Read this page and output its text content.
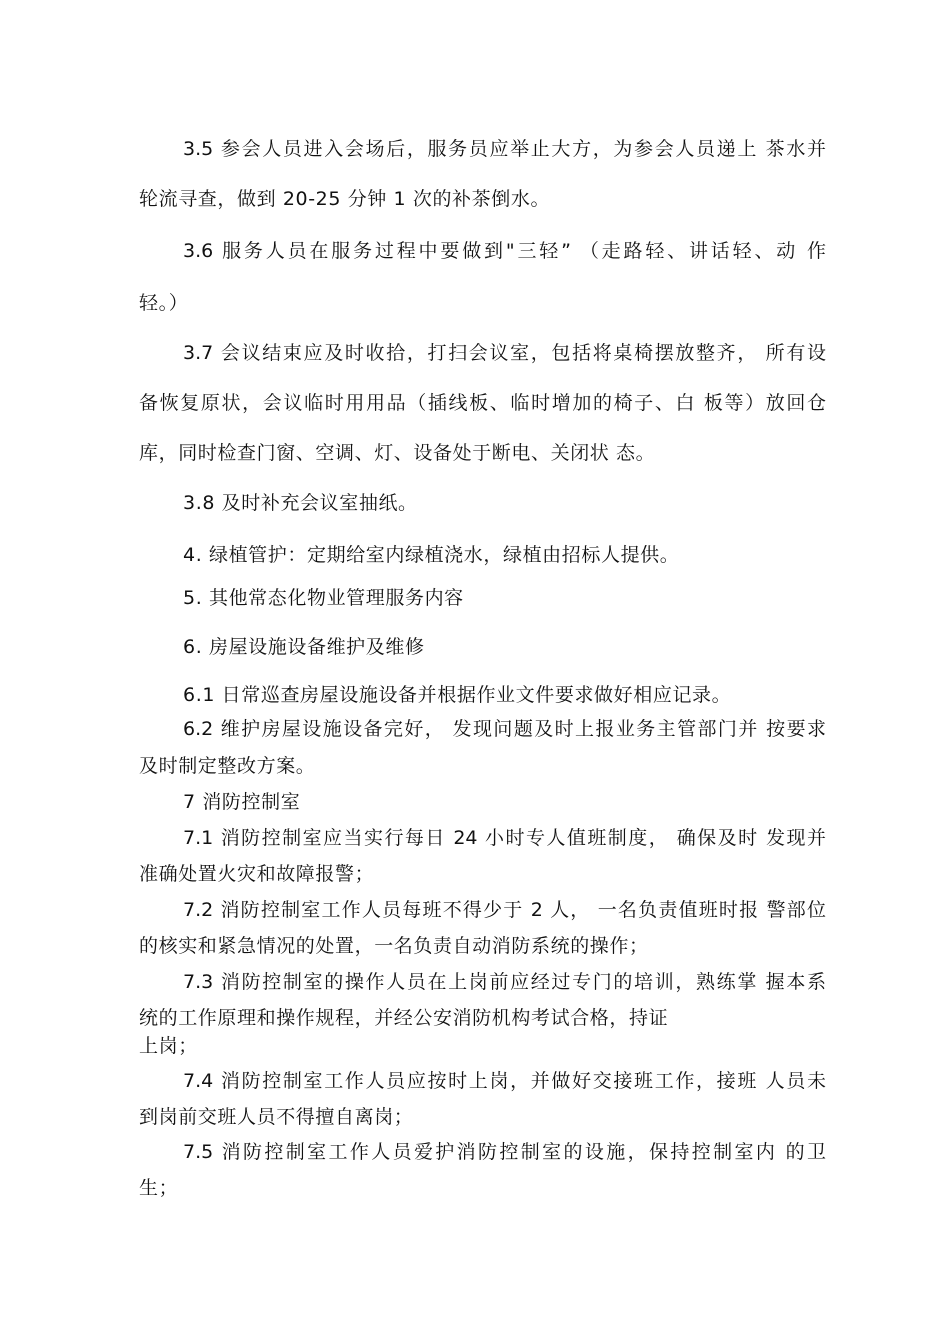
3.5 参会人员进入会场后，服务员应举止大方，为参会人员递上 茶水并
轮流寻查，做到 20-25 分钟 1 次的补茶倒水。
3.6 服务人员在服务过程中要做到"三轻” （走路轻、讲话轻、动 作
轻。）
3.7 会议结束应及时收拾，打扫会议室，包括将桌椅摆放整齐， 所有设
备恢复原状，会议临时用用品（插线板、临时增加的椅子、白 板等）放回仓
库，同时检查门窗、空调、灯、设备处于断电、关闭状 态。
3.8 及时补充会议室抽纸。
4. 绿植管护：定期给室内绿植浇水，绿植由招标人提供。
5. 其他常态化物业管理服务内容
6. 房屋设施设备维护及维修
6.1 日常巡查房屋设施设备并根据作业文件要求做好相应记录。
6.2 维护房屋设施设备完好， 发现问题及时上报业务主管部门并 按要求
及时制定整改方案。
7 消防控制室
7.1 消防控制室应当实行每日 24 小时专人值班制度， 确保及时 发现并
准确处置火灾和故障报警；
7.2 消防控制室工作人员每班不得少于 2 人， 一名负责值班时报 警部位
的核实和紧急情况的处置，一名负责自动消防系统的操作；
7.3 消防控制室的操作人员在上岗前应经过专门的培训，熟练掌 握本系
统的工作原理和操作规程，并经公安消防机构考试合格，持证
上岗；
7.4 消防控制室工作人员应按时上岗，并做好交接班工作，接班 人员未
到岗前交班人员不得擅自离岗；
7.5 消防控制室工作人员爱护消防控制室的设施，保持控制室内 的卫
生；
